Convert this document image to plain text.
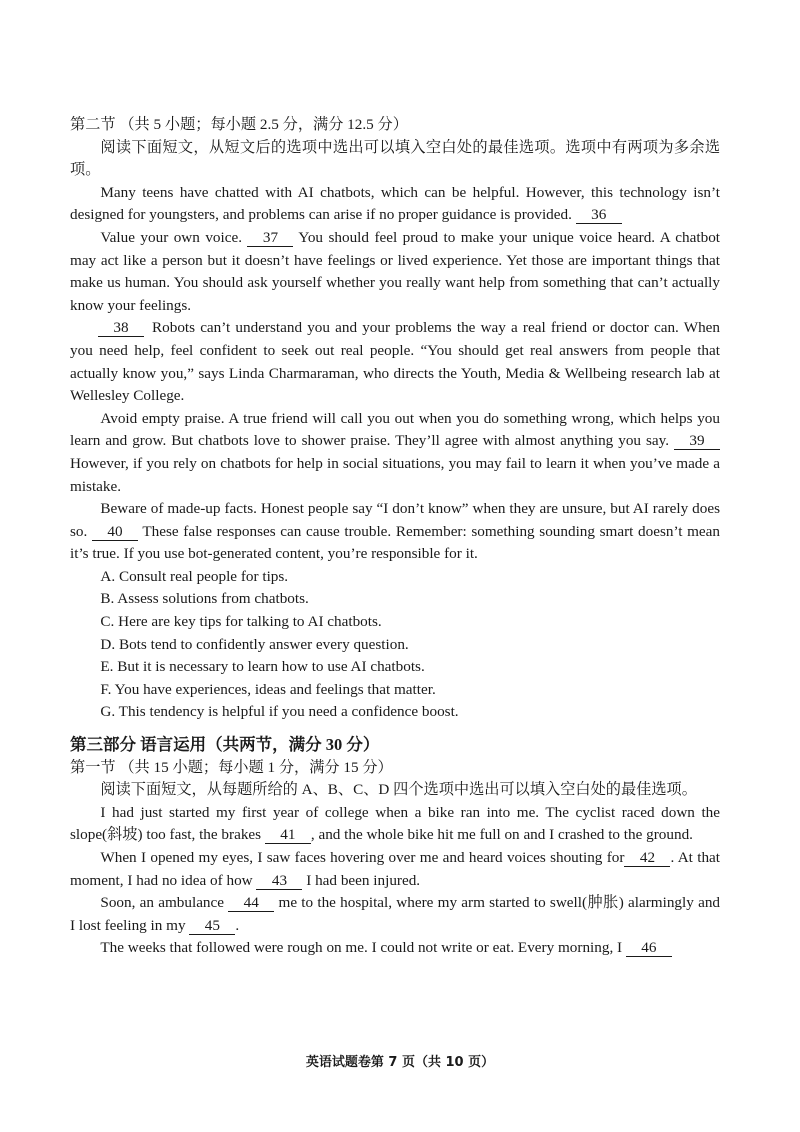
第二节 （共 5 小题；每小题 2.5 分，满分 12.5 分）

阅读下面短文，从短文后的选项中选出可以填入空白处的最佳选项。选项中有两项为多余选项。

Many teens have chatted with AI chatbots, which can be helpful. However, this technology isn’t designed for youngsters, and problems can arise if no proper guidance is provided. 36

Value your own voice. 37 You should feel proud to make your unique voice heard. A chatbot may act like a person but it doesn’t have feelings or lived experience. Yet those are important things that make us human. You should ask yourself whether you really want help from something that can’t actually know your feelings.

38 Robots can’t understand you and your problems the way a real friend or doctor can. When you need help, feel confident to seek out real people. “You should get real answers from people that actually know you,” says Linda Charmaraman, who directs the Youth, Media & Wellbeing research lab at Wellesley College.

Avoid empty praise. A true friend will call you out when you do something wrong, which helps you learn and grow. But chatbots love to shower praise. They’ll agree with almost anything you say. 39 However, if you rely on chatbots for help in social situations, you may fail to learn it when you’ve made a mistake.

Beware of made-up facts. Honest people say “I don’t know” when they are unsure, but AI rarely does so. 40 These false responses can cause trouble. Remember: something sounding smart doesn’t mean it’s true. If you use bot-generated content, you’re responsible for it.

A. Consult real people for tips.

B. Assess solutions from chatbots.

C. Here are key tips for talking to AI chatbots.

D. Bots tend to confidently answer every question.

E. But it is necessary to learn how to use AI chatbots.

F. You have experiences, ideas and feelings that matter.

G. This tendency is helpful if you need a confidence boost.

第三部分 语言运用（共两节，满分 30 分）

第一节 （共 15 小题；每小题 1 分，满分 15 分）

阅读下面短文，从每题所给的 A、B、C、D 四个选项中选出可以填入空白处的最佳选项。

I had just started my first year of college when a bike ran into me. The cyclist raced down the slope(斜坡) too fast, the brakes 41 , and the whole bike hit me full on and I crashed to the ground.

When I opened my eyes, I saw faces hovering over me and heard voices shouting for 42 . At that moment, I had no idea of how 43 I had been injured.

Soon, an ambulance 44 me to the hospital, where my arm started to swell(肿胀) alarmingly and I lost feeling in my 45 .

The weeks that followed were rough on me. I could not write or eat. Every morning, I 46

英语试题卷第 7 页（共 10 页）
